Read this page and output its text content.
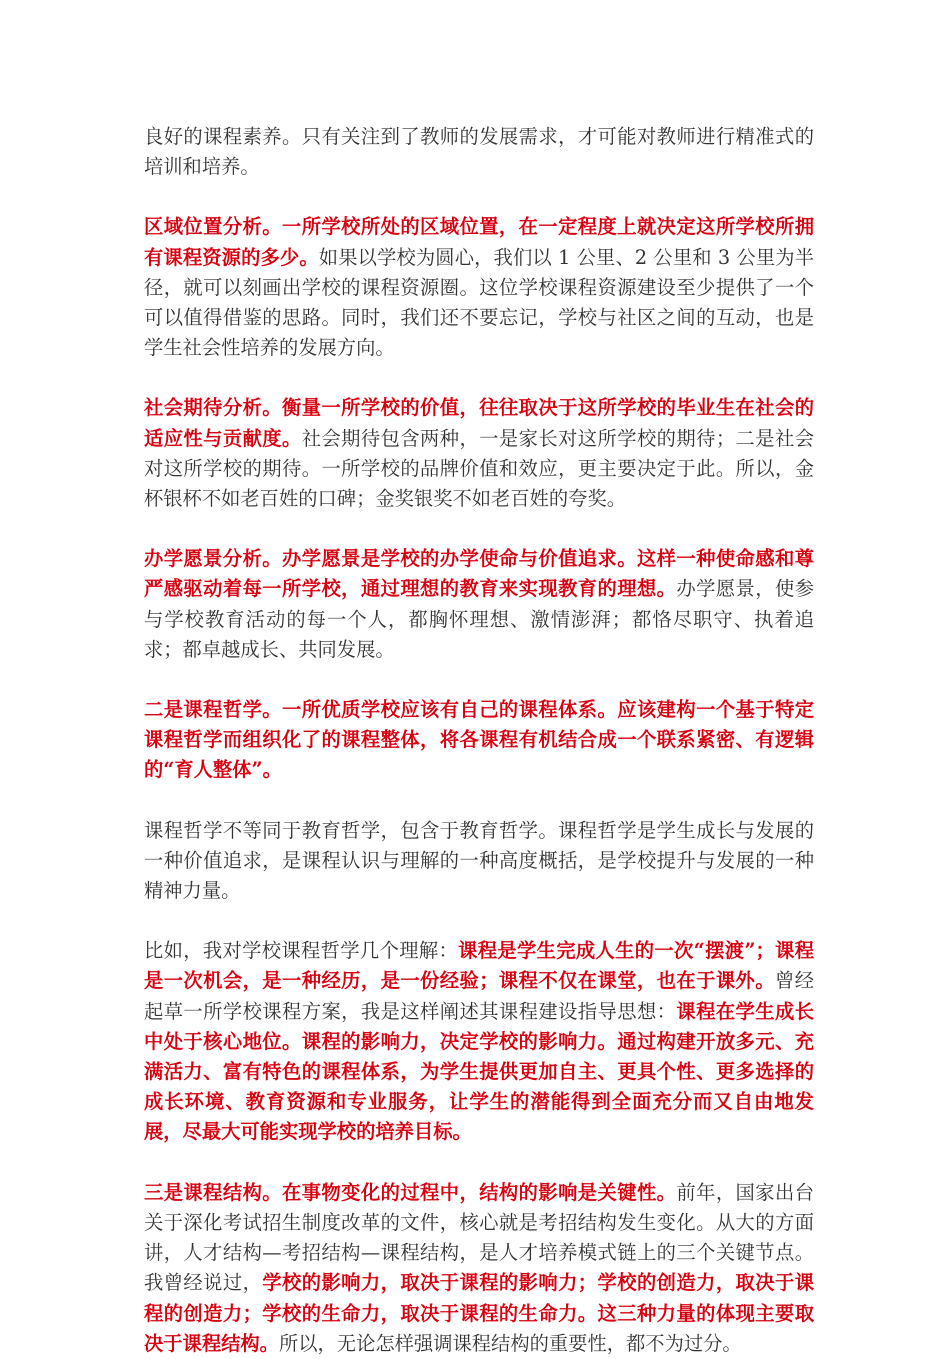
良好的课程素养。只有关注到了教师的发展需求，才可能对教师进行精准式的培训和培养。

区域位置分析。一所学校所处的区域位置，在一定程度上就决定这所学校所拥有课程资源的多少。如果以学校为圆心，我们以 1 公里、2 公里和 3 公里为半径，就可以刻画出学校的课程资源圈。这位学校课程资源建设至少提供了一个可以值得借鉴的思路。同时，我们还不要忘记，学校与社区之间的互动，也是学生社会性培养的发展方向。

社会期待分析。衡量一所学校的价值，往往取决于这所学校的毕业生在社会的适应性与贡献度。社会期待包含两种，一是家长对这所学校的期待；二是社会对这所学校的期待。一所学校的品牌价值和效应，更主要决定于此。所以，金杯银杯不如老百姓的口碑；金奖银奖不如老百姓的夸奖。

办学愿景分析。办学愿景是学校的办学使命与价值追求。这样一种使命感和尊严感驱动着每一所学校，通过理想的教育来实现教育的理想。办学愿景，使参与学校教育活动的每一个人，都胸怀理想、激情澎湃；都恪尽职守、执着追求；都卓越成长、共同发展。

二是课程哲学。一所优质学校应该有自己的课程体系。应该建构一个基于特定课程哲学而组织化了的课程整体，将各课程有机结合成一个联系紧密、有逻辑的“育人整体”。

课程哲学不等同于教育哲学，包含于教育哲学。课程哲学是学生成长与发展的一种价值追求，是课程认识与理解的一种高度概括，是学校提升与发展的一种精神力量。

比如，我对学校课程哲学几个理解：课程是学生完成人生的一次“摆渡”；课程是一次机会，是一种经历，是一份经验；课程不仅在课堂，也在于课外。曾经起草一所学校课程方案，我是这样阐述其课程建设指导思想：课程在学生成长中处于核心地位。课程的影响力，决定学校的影响力。通过构建开放多元、充满活力、富有特色的课程体系，为学生提供更加自主、更具个性、更多选择的成长环境、教育资源和专业服务，让学生的潜能得到全面充分而又自由地发展，尽最大可能实现学校的培养目标。

三是课程结构。在事物变化的过程中，结构的影响是关键性。前年，国家出台关于深化考试招生制度改革的文件，核心就是考招结构发生变化。从大的方面讲，人才结构—考招结构—课程结构，是人才培养模式链上的三个关键节点。我曾经说过，学校的影响力，取决于课程的影响力；学校的创造力，取决于课程的创造力；学校的生命力，取决于课程的生命力。这三种力量的体现主要取决于课程结构。所以，无论怎样强调课程结构的重要性，都不为过分。
